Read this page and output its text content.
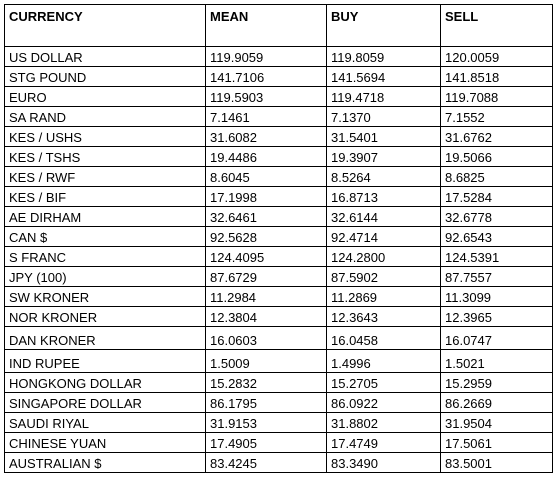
CURRENCY	MEAN	BUY	SELL
US DOLLAR	119.9059	119.8059	120.0059
STG POUND	141.7106	141.5694	141.8518
EURO	119.5903	119.4718	119.7088
SA RAND	7.1461	7.1370	7.1552
KES / USHS	31.6082	31.5401	31.6762
KES / TSHS	19.4486	19.3907	19.5066
KES / RWF	8.6045	8.5264	8.6825
KES / BIF	17.1998	16.8713	17.5284
AE DIRHAM	32.6461	32.6144	32.6778
CAN $	92.5628	92.4714	92.6543
S FRANC	124.4095	124.2800	124.5391
JPY (100)	87.6729	87.5902	87.7557
SW KRONER	11.2984	11.2869	11.3099
NOR KRONER	12.3804	12.3643	12.3965
DAN KRONER	16.0603	16.0458	16.0747
IND RUPEE	1.5009	1.4996	1.5021
HONGKONG DOLLAR	15.2832	15.2705	15.2959
SINGAPORE DOLLAR	86.1795	86.0922	86.2669
SAUDI RIYAL	31.9153	31.8802	31.9504
CHINESE YUAN	17.4905	17.4749	17.5061
AUSTRALIAN $	83.4245	83.3490	83.5001
